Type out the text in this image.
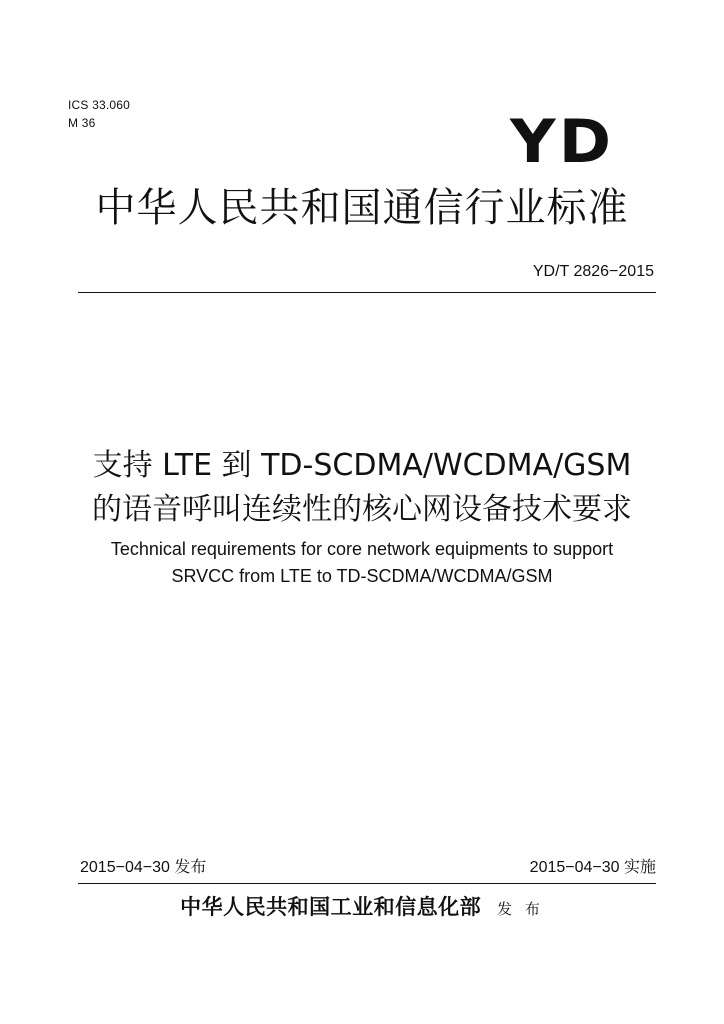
ICS 33.060
M 36	YD
中华人民共和国通信行业标准
YD/T 2826−2015
支持 LTE 到 TD-SCDMA/WCDMA/GSM
的语音呼叫连续性的核心网设备技术要求
Technical requirements for core network equipments to support
SRVCC from LTE to TD-SCDMA/WCDMA/GSM
2015−04−30 发布	2015−04−30 实施
中华人民共和国工业和信息化部 发 布
